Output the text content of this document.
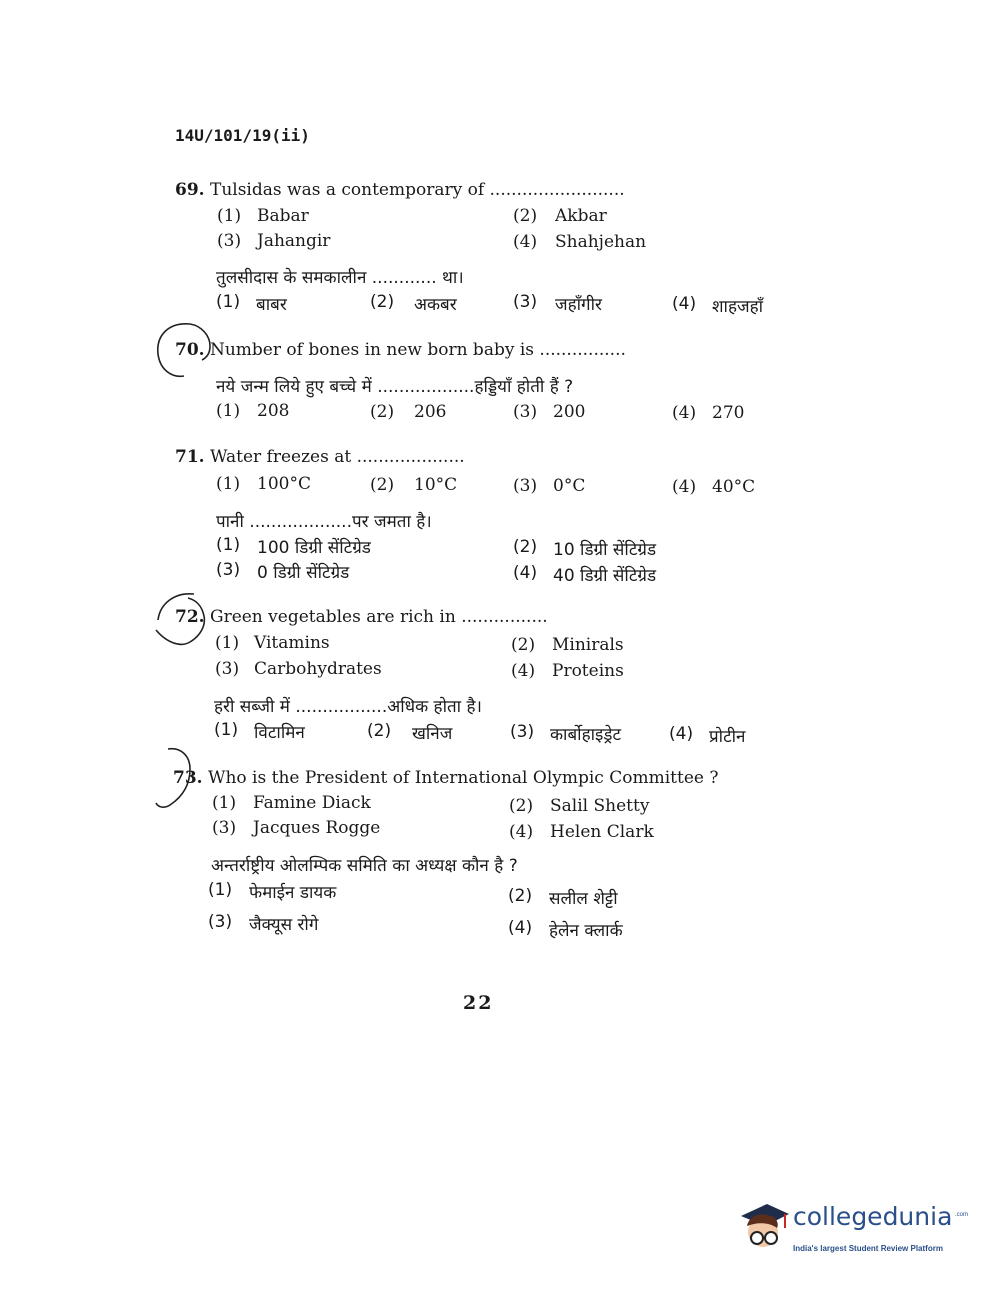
14U/101/19(ii)
69. Tulsidas was a contemporary of .........................
(1) Babar	(2) Akbar
(3) Jahangir	(4) Shahjehan
तुलसीदास के समकालीन ............ था।
(1) बाबर	(2) अकबर	(3) जहाँगीर	(4) शाहजहाँ
70. Number of bones in new born baby is ................
नये जन्म लिये हुए बच्चे में ..................हड्डियाँ होती हैं ?
(1) 208	(2) 206	(3) 200	(4) 270
71. Water freezes at ....................
(1) 100°C	(2) 10°C	(3) 0°C	(4) 40°C
पानी ...................पर जमता है।
(1) 100 डिग्री सेंटिग्रेड	(2) 10 डिग्री सेंटिग्रेड
(3) 0 डिग्री सेंटिग्रेड	(4) 40 डिग्री सेंटिग्रेड
72. Green vegetables are rich in ................
(1) Vitamins	(2) Minirals
(3) Carbohydrates	(4) Proteins
हरी सब्जी में .................अधिक होता है।
(1) विटामिन	(2) खनिज	(3) कार्बोहाइड्रेट	(4) प्रोटीन
73. Who is the President of International Olympic Committee ?
(1) Famine Diack	(2) Salil Shetty
(3) Jacques Rogge	(4) Helen Clark
अन्तर्राष्ट्रीय ओलम्पिक समिति का अध्यक्ष कौन है ?
(1) फेमाईन डायक	(2) सलील शेट्टी
(3) जैक्यूस रोगे	(4) हेलेन क्लार्क
22
collegedunia .com
India's largest Student Review Platform
